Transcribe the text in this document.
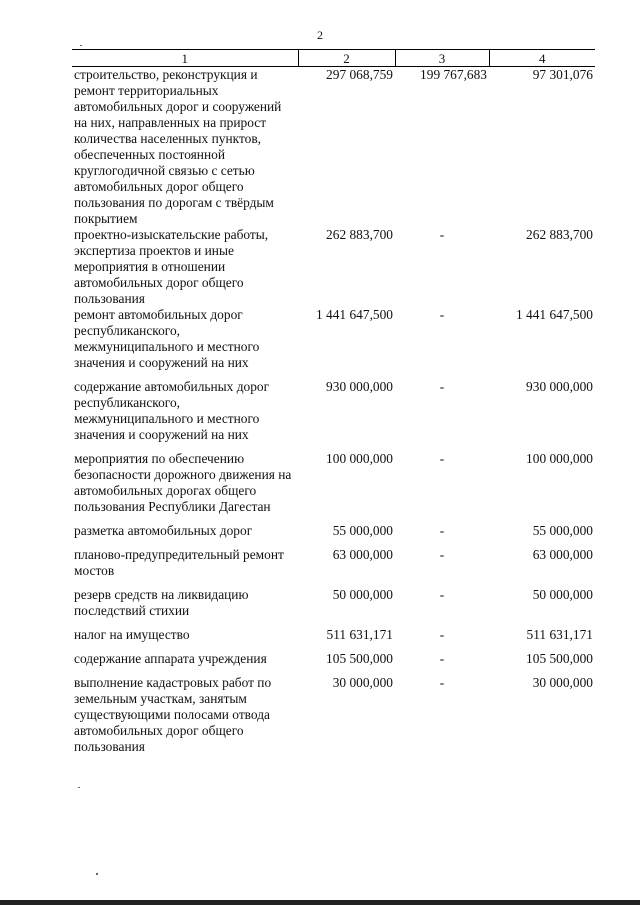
2
1	2	3	4
строительство, реконструкция и ремонт территориальных автомобильных дорог и сооружений на них, направленных на прирост количества населенных пунктов, обеспеченных постоянной круглогодичной связью с сетью автомобильных дорог общего пользования по дорогам с твёрдым покрытием	297 068,759	199 767,683	97 301,076
проектно-изыскательские работы, экспертиза проектов и иные мероприятия в отношении автомобильных дорог общего пользования	262 883,700	-	262 883,700
ремонт автомобильных дорог республиканского, межмуниципального и местного значения и сооружений на них	1 441 647,500	-	1 441 647,500

содержание автомобильных дорог республиканского, межмуниципального и местного значения и сооружений на них	930 000,000	-	930 000,000

мероприятия по обеспечению безопасности дорожного движения на автомобильных дорогах общего пользования Республики Дагестан	100 000,000	-	100 000,000

разметка автомобильных дорог	55 000,000	-	55 000,000

планово-предупредительный ремонт мостов	63 000,000	-	63 000,000

резерв средств на ликвидацию последствий стихии	50 000,000	-	50 000,000

налог на имущество	511 631,171	-	511 631,171

содержание аппарата учреждения	105 500,000	-	105 500,000

выполнение кадастровых работ по земельным участкам, занятым существующими полосами отвода автомобильных дорог общего пользования	30 000,000	-	30 000,000
